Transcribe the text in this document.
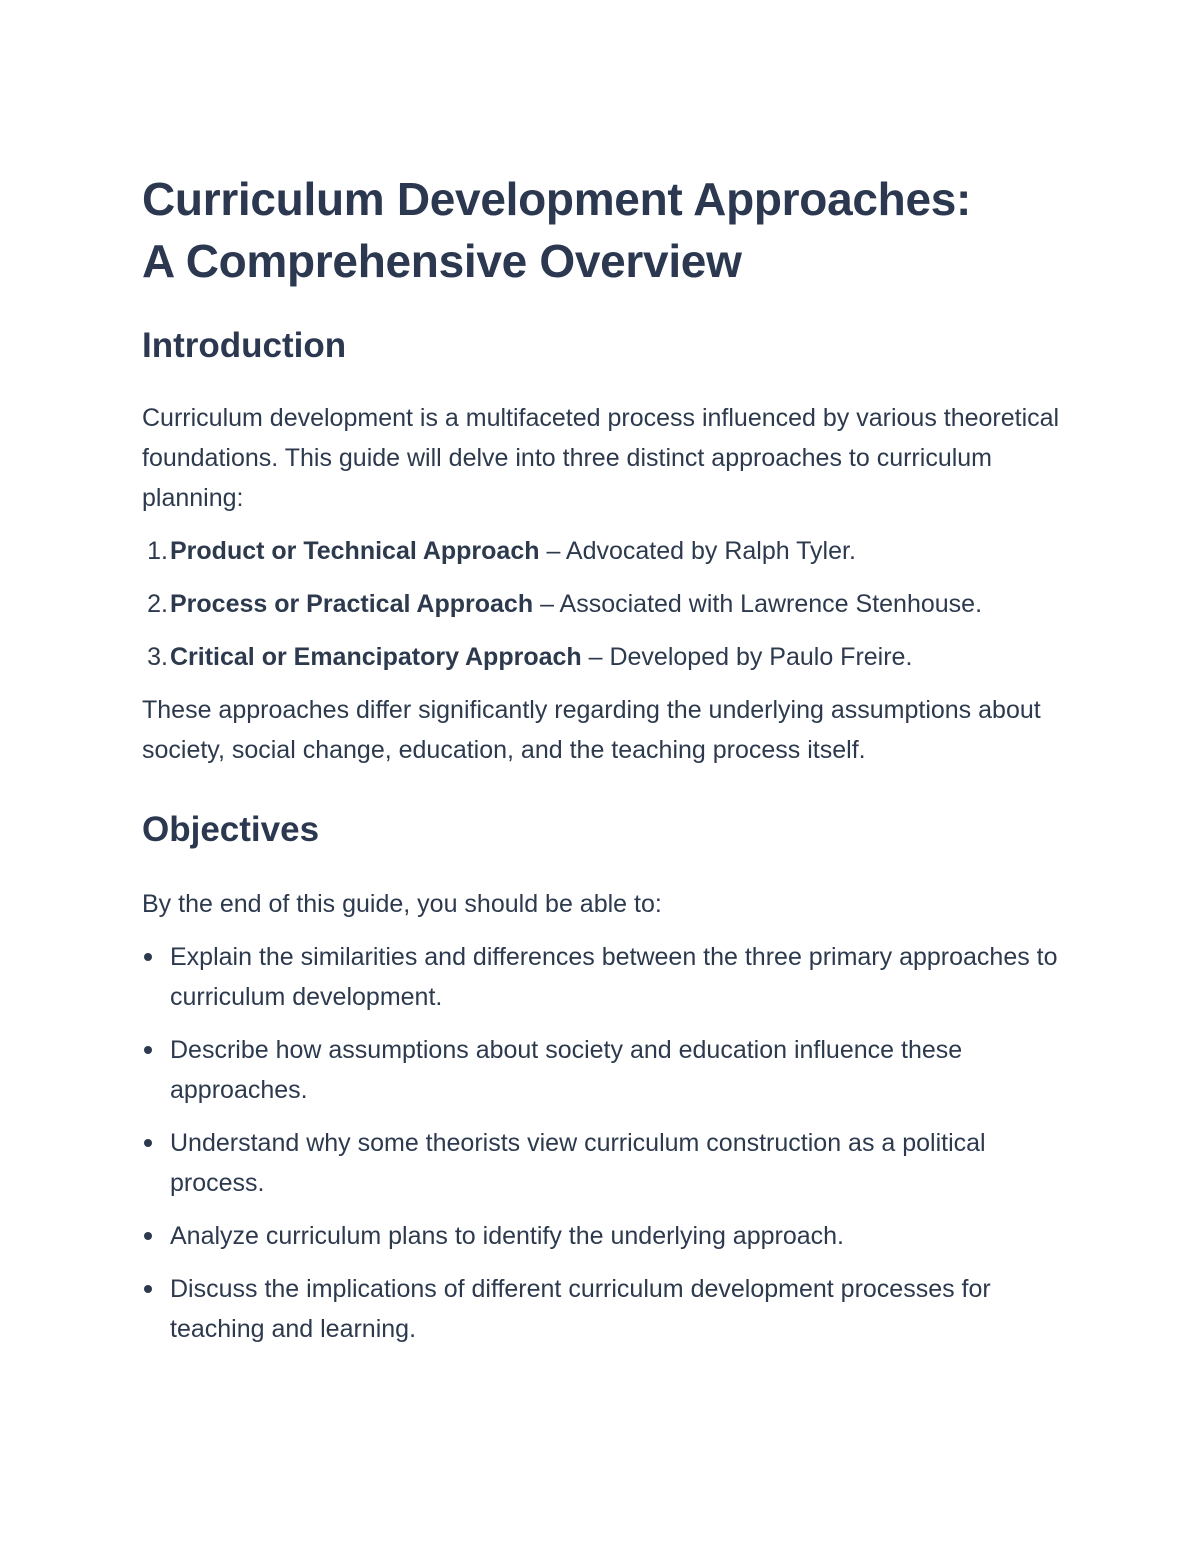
Curriculum Development Approaches:
A Comprehensive Overview
Introduction

Curriculum development is a multifaceted process influenced by various theoretical foundations. This guide will delve into three distinct approaches to curriculum planning:

1. Product or Technical Approach – Advocated by Ralph Tyler.
2. Process or Practical Approach – Associated with Lawrence Stenhouse.
3. Critical or Emancipatory Approach – Developed by Paulo Freire.

These approaches differ significantly regarding the underlying assumptions about society, social change, education, and the teaching process itself.

Objectives

By the end of this guide, you should be able to:

Explain the similarities and differences between the three primary approaches to curriculum development.
Describe how assumptions about society and education influence these approaches.
Understand why some theorists view curriculum construction as a political process.
Analyze curriculum plans to identify the underlying approach.
Discuss the implications of different curriculum development processes for teaching and learning.
